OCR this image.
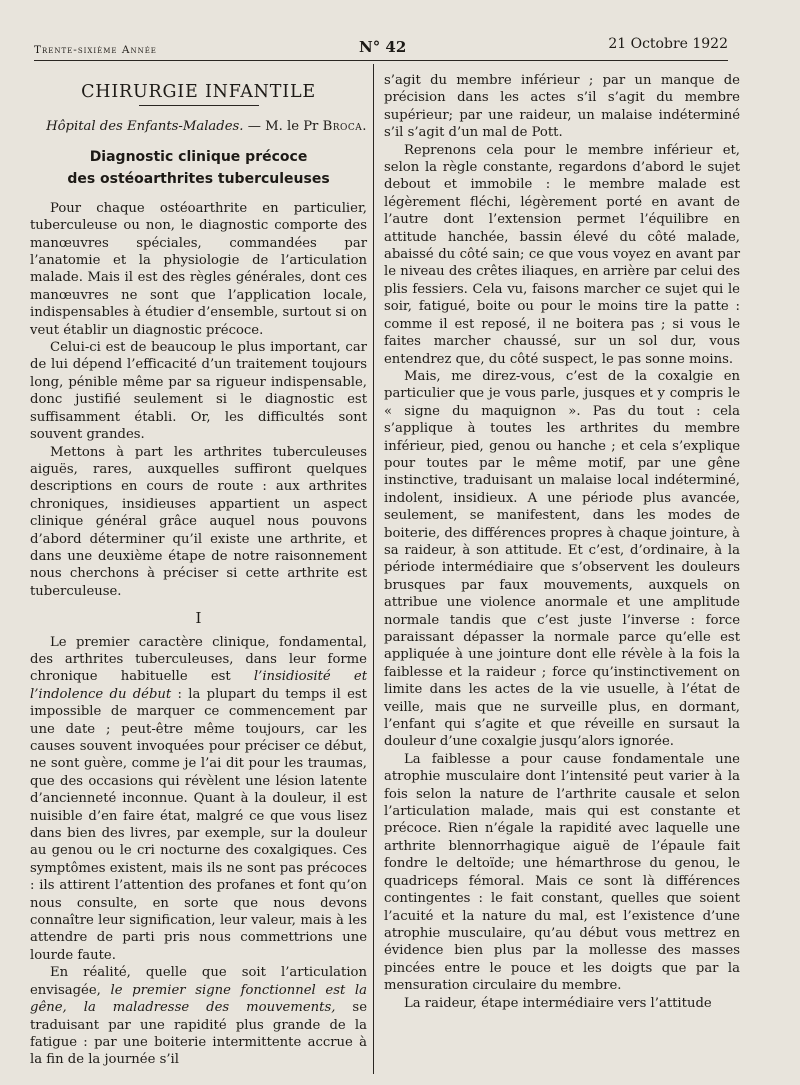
Trente-sixième Année	N° 42	21 Octobre 1922
CHIRURGIE INFANTILE
Hôpital des Enfants-Malades. — M. le Pr Broca.
Diagnostic clinique précoce
des ostéoarthrites tuberculeuses

Pour chaque ostéoarthrite en particulier, tuberculeuse ou non, le diagnostic comporte des manœuvres spéciales, commandées par l’anatomie et la physiologie de l’articulation malade. Mais il est des règles générales, dont ces manœuvres ne sont que l’application locale, indispensables à étudier d’ensemble, surtout si on veut établir un diagnostic précoce.

Celui-ci est de beaucoup le plus important, car de lui dépend l’efficacité d’un traitement toujours long, pénible même par sa rigueur indispensable, donc justifié seulement si le diagnostic est suffisamment établi. Or, les difficultés sont souvent grandes.

Mettons à part les arthrites tuberculeuses aiguës, rares, auxquelles suffiront quelques descriptions en cours de route : aux arthrites chroniques, insidieuses appartient un aspect clinique général grâce auquel nous pouvons d’abord déterminer qu’il existe une arthrite, et dans une deuxième étape de notre raisonnement nous cherchons à préciser si cette arthrite est tuberculeuse.

I

Le premier caractère clinique, fondamental, des arthrites tuberculeuses, dans leur forme chronique habituelle est l’insidiosité et l’indolence du début : la plupart du temps il est impossible de marquer ce commencement par une date ; peut-être même toujours, car les causes souvent invoquées pour préciser ce début, ne sont guère, comme je l’ai dit pour les traumas, que des occasions qui révèlent une lésion latente d’ancienneté inconnue. Quant à la douleur, il est nuisible d’en faire état, malgré ce que vous lisez dans bien des livres, par exemple, sur la douleur au genou ou le cri nocturne des coxalgiques. Ces symptômes existent, mais ils ne sont pas précoces : ils attirent l’attention des profanes et font qu’on nous consulte, en sorte que nous devons connaître leur signification, leur valeur, mais à les attendre de parti pris nous commettrions une lourde faute.

En réalité, quelle que soit l’articulation envisagée, le premier signe fonctionnel est la gêne, la maladresse des mouvements, se traduisant par une rapidité plus grande de la fatigue : par une boiterie intermittente accrue à la fin de la journée s’il

s’agit du membre inférieur ; par un manque de précision dans les actes s’il s’agit du membre supérieur; par une raideur, un malaise indéterminé s’il s’agit d’un mal de Pott.

Reprenons cela pour le membre inférieur et, selon la règle constante, regardons d’abord le sujet debout et immobile : le membre malade est légèrement fléchi, légèrement porté en avant de l’autre dont l’extension permet l’équilibre en attitude hanchée, bassin élevé du côté malade, abaissé du côté sain; ce que vous voyez en avant par le niveau des crêtes iliaques, en arrière par celui des plis fessiers. Cela vu, faisons marcher ce sujet qui le soir, fatigué, boite ou pour le moins tire la patte : comme il est reposé, il ne boitera pas ; si vous le faites marcher chaussé, sur un sol dur, vous entendrez que, du côté suspect, le pas sonne moins.

Mais, me direz-vous, c’est de la coxalgie en particulier que je vous parle, jusques et y compris le « signe du maquignon ». Pas du tout : cela s’applique à toutes les arthrites du membre inférieur, pied, genou ou hanche ; et cela s’explique pour toutes par le même motif, par une gêne instinctive, traduisant un malaise local indéterminé, indolent, insidieux. A une période plus avancée, seulement, se manifestent, dans les modes de boiterie, des différences propres à chaque jointure, à sa raideur, à son attitude. Et c’est, d’ordinaire, à la période intermédiaire que s’observent les douleurs brusques par faux mouvements, auxquels on attribue une violence anormale et une amplitude normale tandis que c’est juste l’inverse : force paraissant dépasser la normale parce qu’elle est appliquée à une jointure dont elle révèle à la fois la faiblesse et la raideur ; force qu’instinctivement on limite dans les actes de la vie usuelle, à l’état de veille, mais que ne surveille plus, en dormant, l’enfant qui s’agite et que réveille en sursaut la douleur d’une coxalgie jusqu’alors ignorée.

La faiblesse a pour cause fondamentale une atrophie musculaire dont l’intensité peut varier à la fois selon la nature de l’arthrite causale et selon l’articulation malade, mais qui est constante et précoce. Rien n’égale la rapidité avec laquelle une arthrite blennorrhagique aiguë de l’épaule fait fondre le deltoïde; une hémarthrose du genou, le quadriceps fémoral. Mais ce sont là différences contingentes : le fait constant, quelles que soient l’acuité et la nature du mal, est l’existence d’une atrophie musculaire, qu’au début vous mettrez en évidence bien plus par la mollesse des masses pincées entre le pouce et les doigts que par la mensuration circulaire du membre.

La raideur, étape intermédiaire vers l’attitude
